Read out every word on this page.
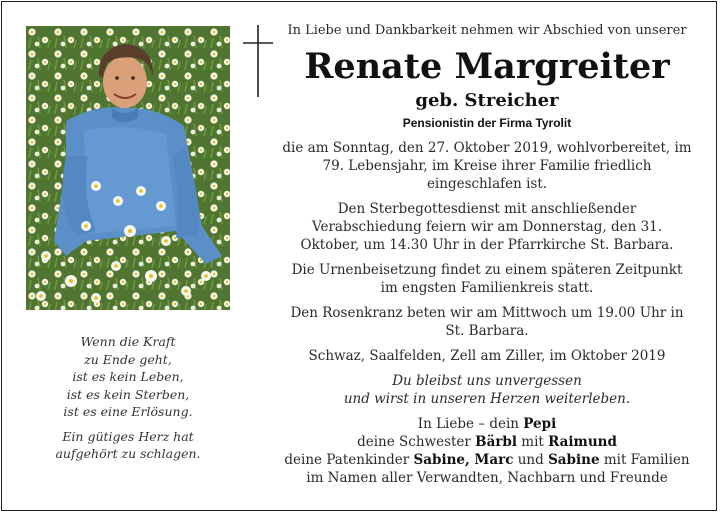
Wenn die Kraft
zu Ende geht,
ist es kein Leben,
ist es kein Sterben,
ist es eine Erlösung.

Ein gütiges Herz hat
aufgehört zu schlagen.

In Liebe und Dankbarkeit nehmen wir Abschied von unserer

Renate Margreiter

geb. Streicher

Pensionistin der Firma Tyrolit

die am Sonntag, den 27. Oktober 2019, wohlvorbereitet, im 79. Lebensjahr, im Kreise ihrer Familie friedlich eingeschlafen ist.

Den Sterbegottesdienst mit anschließender Verabschiedung feiern wir am Donnerstag, den 31. Oktober, um 14.30 Uhr in der Pfarrkirche St. Barbara.

Die Urnenbeisetzung findet zu einem späteren Zeitpunkt im engsten Familienkreis statt.

Den Rosenkranz beten wir am Mittwoch um 19.00 Uhr in St. Barbara.

Schwaz, Saalfelden, Zell am Ziller, im Oktober 2019

Du bleibst uns unvergessen
und wirst in unseren Herzen weiterleben.

In Liebe – dein Pepi
deine Schwester Bärbl mit Raimund
deine Patenkinder Sabine, Marc und Sabine mit Familien
im Namen aller Verwandten, Nachbarn und Freunde
